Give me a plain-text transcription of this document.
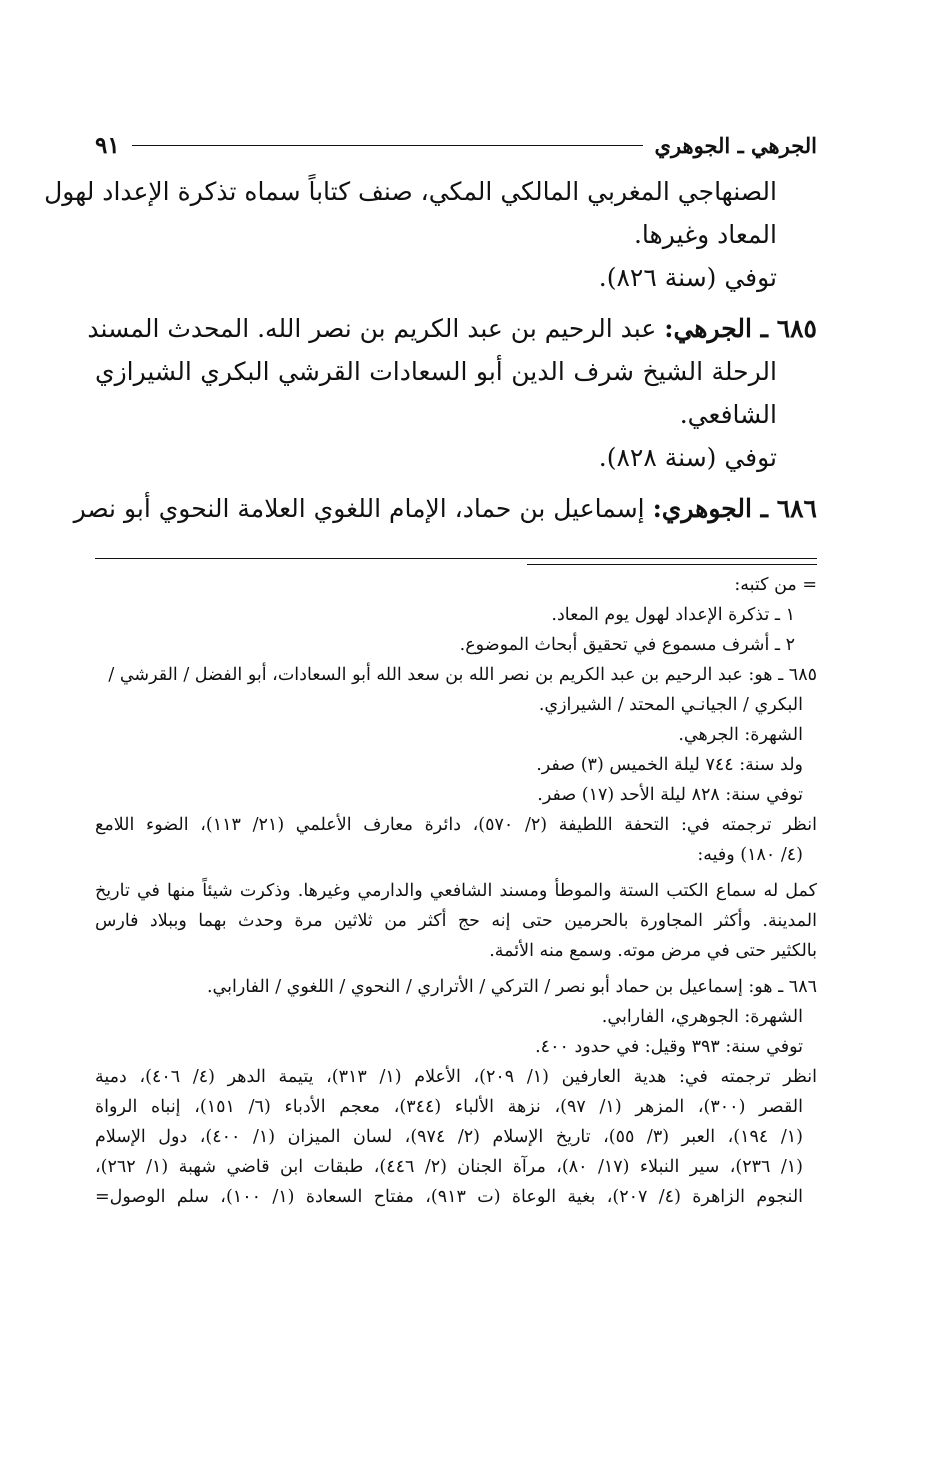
الجرهي ـ الجوهري
٩١
الصنهاجي المغربي المالكي المكي، صنف كتاباً سماه تذكرة الإعداد لهول
المعاد وغيرها.
توفي (سنة ٨٢٦).
٦٨٥ ـ الجرهي: عبد الرحيم بن عبد الكريم بن نصر الله. المحدث المسند
الرحلة الشيخ شرف الدين أبو السعادات القرشي البكري الشيرازي
الشافعي.
توفي (سنة ٨٢٨).
٦٨٦ ـ الجوهري: إسماعيل بن حماد، الإمام اللغوي العلامة النحوي أبو نصر
= من كتبه:
١ ـ تذكرة الإعداد لهول يوم المعاد.
٢ ـ أشرف مسموع في تحقيق أبحاث الموضوع.
٦٨٥ ـ هو: عبد الرحيم بن عبد الكريم بن نصر الله بن سعد الله أبو السعادات، أبو الفضل / القرشي /
البكري / الجيانـي المحتد / الشيرازي.
الشهرة: الجرهي.
ولد سنة: ٧٤٤ ليلة الخميس (٣) صفر.
توفي سنة: ٨٢٨ ليلة الأحد (١٧) صفر.
انظر ترجمته في: التحفة اللطيفة (٢/ ٥٧٠)، دائرة معارف الأعلمي (٢١/ ١١٣)، الضوء اللامع
(٤/ ١٨٠) وفيه:
كمل له سماع الكتب الستة والموطأ ومسند الشافعي والدارمي وغيرها. وذكرت شيئاً منها في تاريخ
المدينة. وأكثر المجاورة بالحرمين حتى إنه حج أكثر من ثلاثين مرة وحدث بهما وببلاد فارس
بالكثير حتى في مرض موته. وسمع منه الأئمة.
٦٨٦ ـ هو: إسماعيل بن حماد أبو نصر / التركي / الأتراري / النحوي / اللغوي / الفارابي.
الشهرة: الجوهري، الفارابي.
توفي سنة: ٣٩٣ وقيل: في حدود ٤٠٠.
انظر ترجمته في: هدية العارفين (١/ ٢٠٩)، الأعلام (١/ ٣١٣)، يتيمة الدهر (٤/ ٤٠٦)، دمية
القصر (٣٠٠)، المزهر (١/ ٩٧)، نزهة الألباء (٣٤٤)، معجم الأدباء (٦/ ١٥١)، إنباه الرواة
(١/ ١٩٤)، العبر (٣/ ٥٥)، تاريخ الإسلام (٢/ ٩٧٤)، لسان الميزان (١/ ٤٠٠)، دول الإسلام
(١/ ٢٣٦)، سير النبلاء (١٧/ ٨٠)، مرآة الجنان (٢/ ٤٤٦)، طبقات ابن قاضي شهبة (١/ ٢٦٢)،
النجوم الزاهرة (٤/ ٢٠٧)، بغية الوعاة (ت ٩١٣)، مفتاح السعادة (١/ ١٠٠)، سلم الوصول=
